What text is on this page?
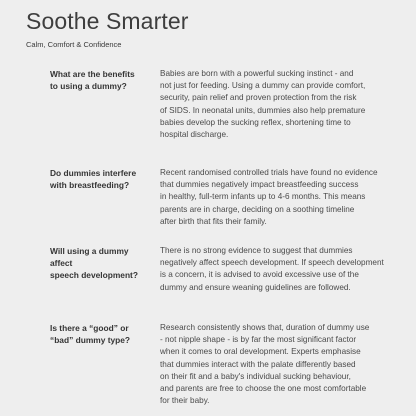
Soothe Smarter

Calm, Comfort & Confidence

What are the benefits
to using a dummy?

Babies are born with a powerful sucking instinct - and
not just for feeding. Using a dummy can provide comfort,
security, pain relief and proven protection from the risk
of SIDS. In neonatal units, dummies also help premature
babies develop the sucking reflex, shortening time to
hospital discharge.

Do dummies interfere
with breastfeeding?

Recent randomised controlled trials have found no evidence
that dummies negatively impact breastfeeding success
in healthy, full-term infants up to 4-6 months. This means
parents are in charge, deciding on a soothing timeline
after birth that fits their family.

Will using a dummy affect
speech development?

There is no strong evidence to suggest that dummies
negatively affect speech development. If speech development
is a concern, it is advised to avoid excessive use of the
dummy and ensure weaning guidelines are followed.

Is there a “good” or
“bad” dummy type?

Research consistently shows that, duration of dummy use
- not nipple shape - is by far the most significant factor
when it comes to oral development. Experts emphasise
that dummies interact with the palate differently based
on their fit and a baby's individual sucking behaviour,
and parents are free to choose the one most comfortable
for their baby.
